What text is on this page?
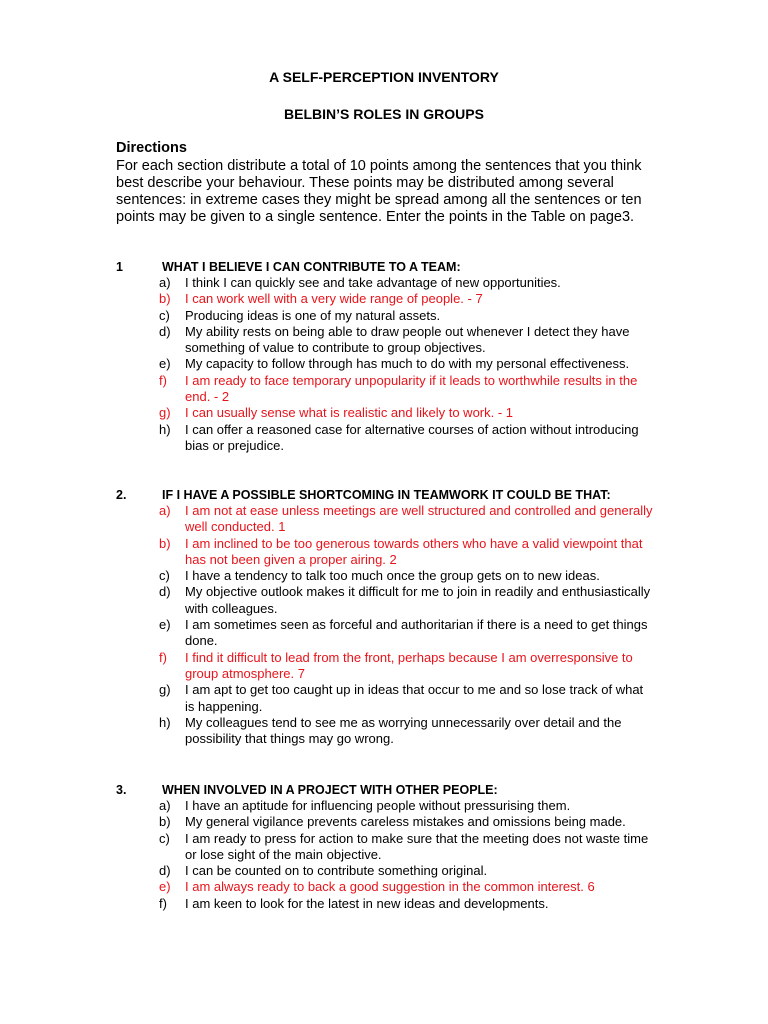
A SELF-PERCEPTION INVENTORY
BELBIN’S ROLES IN GROUPS
Directions
For each section distribute a total of 10 points among the sentences that you think best describe your behaviour. These points may be distributed among several sentences: in extreme cases they might be spread among all the sentences or ten points may be given to a single sentence. Enter the points in the Table on page3.
1	WHAT I BELIEVE I CAN CONTRIBUTE TO A TEAM:
a)	I think I can quickly see and take advantage of new opportunities.
b)	I can work well with a very wide range of people. - 7
c)	Producing ideas is one of my natural assets.
d)	My ability rests on being able to draw people out whenever I detect they have something of value to contribute to group objectives.
e)	My capacity to follow through has much to do with my personal effectiveness.
f)	I am ready to face temporary unpopularity if it leads to worthwhile results in the end. - 2
g)	I can usually sense what is realistic and likely to work. - 1
h)	I can offer a reasoned case for alternative courses of action without introducing bias or prejudice.
2.	IF I HAVE A POSSIBLE SHORTCOMING IN TEAMWORK IT COULD BE THAT:
a)	I am not at ease unless meetings are well structured and controlled and generally well conducted. 1
b)	I am inclined to be too generous towards others who have a valid viewpoint that has not been given a proper airing. 2
c)	I have a tendency to talk too much once the group gets on to new ideas.
d)	My objective outlook makes it difficult for me to join in readily and enthusiastically with colleagues.
e)	I am sometimes seen as forceful and authoritarian if there is a need to get things done.
f)	I find it difficult to lead from the front, perhaps because I am overresponsive to group atmosphere. 7
g)	I am apt to get too caught up in ideas that occur to me and so lose track of what is happening.
h)	My colleagues tend to see me as worrying unnecessarily over detail and the possibility that things may go wrong.
3.	WHEN INVOLVED IN A PROJECT WITH OTHER PEOPLE:
a)	I have an aptitude for influencing people without pressurising them.
b)	My general vigilance prevents careless mistakes and omissions being made.
c)	I am ready to press for action to make sure that the meeting does not waste time or lose sight of the main objective.
d)	I can be counted on to contribute something original.
e)	I am always ready to back a good suggestion in the common interest. 6
f)	I am keen to look for the latest in new ideas and developments.
